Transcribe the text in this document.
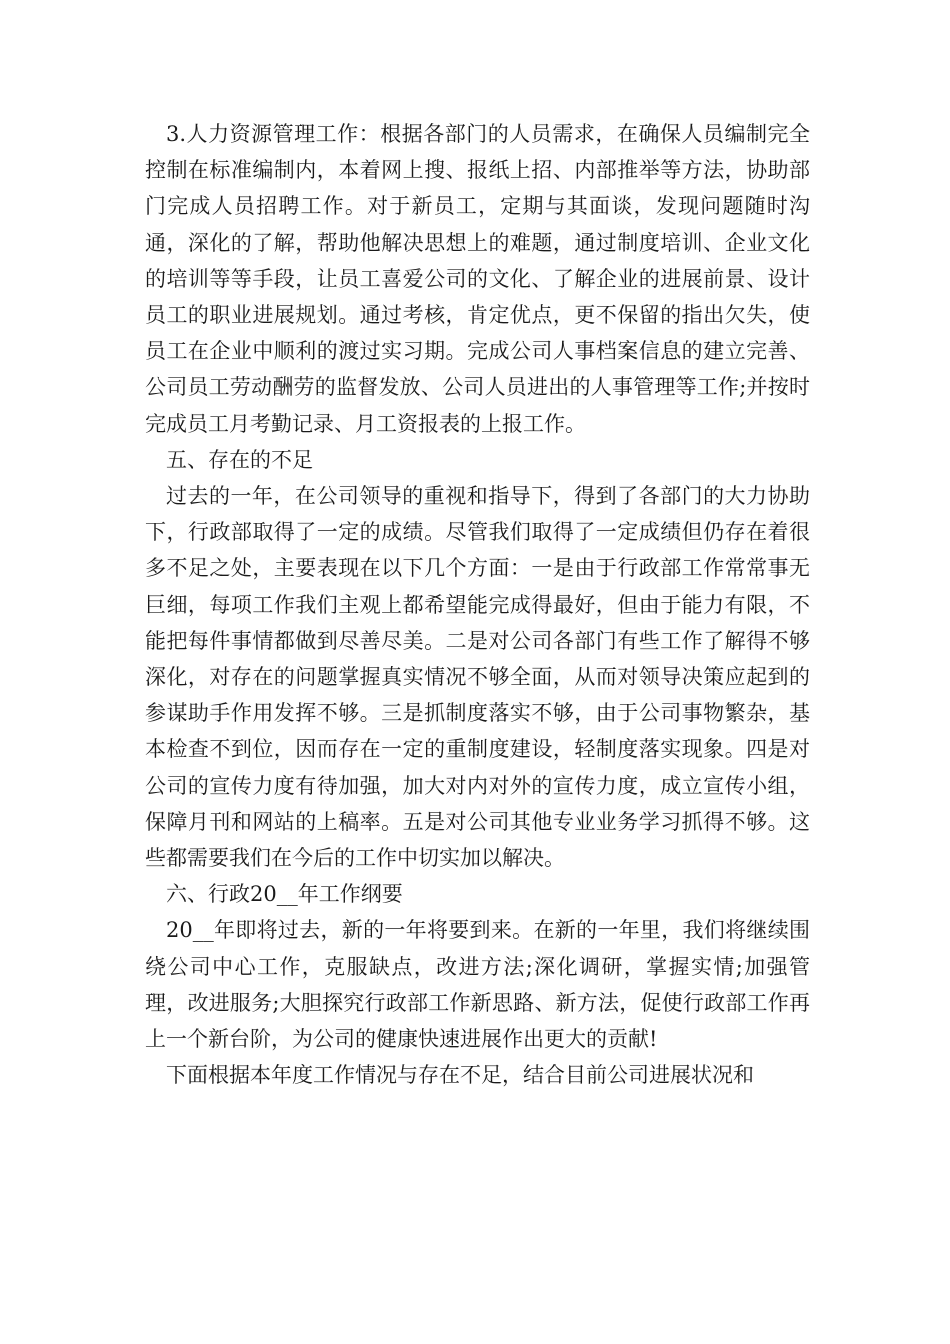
3.人力资源管理工作：根据各部门的人员需求，在确保人员编制完全控制在标准编制内，本着网上搜、报纸上招、内部推举等方法，协助部门完成人员招聘工作。对于新员工，定期与其面谈，发现问题随时沟通，深化的了解，帮助他解决思想上的难题，通过制度培训、企业文化的培训等等手段，让员工喜爱公司的文化、了解企业的进展前景、设计员工的职业进展规划。通过考核，肯定优点，更不保留的指出欠失，使员工在企业中顺利的渡过实习期。完成公司人事档案信息的建立完善、公司员工劳动酬劳的监督发放、公司人员进出的人事管理等工作;并按时完成员工月考勤记录、月工资报表的上报工作。

五、存在的不足

过去的一年，在公司领导的重视和指导下，得到了各部门的大力协助下，行政部取得了一定的成绩。尽管我们取得了一定成绩但仍存在着很多不足之处，主要表现在以下几个方面：一是由于行政部工作常常事无巨细，每项工作我们主观上都希望能完成得最好，但由于能力有限，不能把每件事情都做到尽善尽美。二是对公司各部门有些工作了解得不够深化，对存在的问题掌握真实情况不够全面，从而对领导决策应起到的参谋助手作用发挥不够。三是抓制度落实不够，由于公司事物繁杂，基本检查不到位，因而存在一定的重制度建设，轻制度落实现象。四是对公司的宣传力度有待加强，加大对内对外的宣传力度，成立宣传小组，保障月刊和网站的上稿率。五是对公司其他专业业务学习抓得不够。这些都需要我们在今后的工作中切实加以解决。

六、行政20__年工作纲要

20__年即将过去，新的一年将要到来。在新的一年里，我们将继续围绕公司中心工作，克服缺点，改进方法;深化调研，掌握实情;加强管理，改进服务;大胆探究行政部工作新思路、新方法，促使行政部工作再上一个新台阶，为公司的健康快速进展作出更大的贡献!

下面根据本年度工作情况与存在不足，结合目前公司进展状况和
